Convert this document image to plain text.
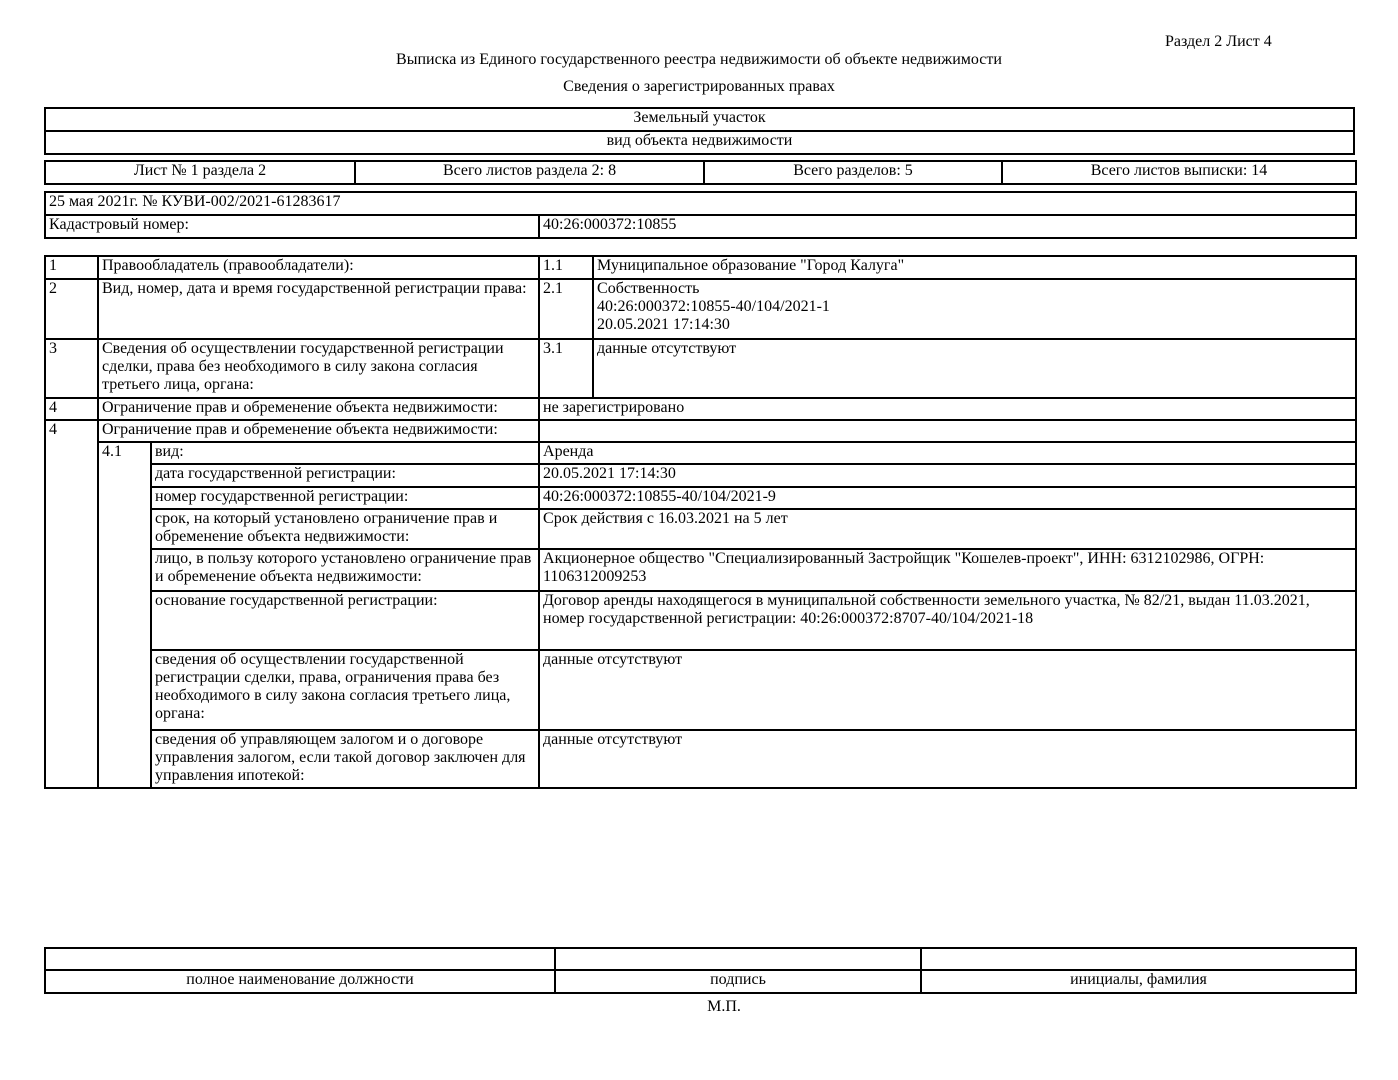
Раздел 2 Лист 4
Выписка из Единого государственного реестра недвижимости об объекте недвижимости
Сведения о зарегистрированных правах
Земельный участок
вид объекта недвижимости
Лист № 1 раздела 2	Всего листов раздела 2: 8	Всего разделов: 5	Всего листов выписки: 14
25 мая 2021г. № КУВИ-002/2021-61283617
Кадастровый номер:	40:26:000372:10855
1	Правообладатель (правообладатели):		1.1	Муниципальное образование "Город Калуга"
2	Вид, номер, дата и время государственной регистрации права:		2.1	Собственность
40:26:000372:10855-40/104/2021-1
20.05.2021 17:14:30

3	Сведения об осуществлении государственной регистрации сделки, права без необходимого в силу закона согласия третьего лица, органа:		3.1	данные отсутствуют
4	Ограничение прав и обременение объекта недвижимости:		не зарегистрировано	
4	Ограничение прав и обременение объекта недвижимости:			
	4.1	вид:	Аренда	
		дата государственной регистрации:	20.05.2021 17:14:30	
		номер государственной регистрации:	40:26:000372:10855-40/104/2021-9	
		срок, на который установлено ограничение прав и обременение объекта недвижимости:	Срок действия с 16.03.2021 на 5 лет	
		лицо, в пользу которого установлено ограничение прав и обременение объекта недвижимости:	Акционерное общество "Специализированный Застройщик "Кошелев-проект", ИНН: 6312102986, ОГРН: 1106312009253	
		основание государственной регистрации:	Договор аренды находящегося в муниципальной собственности земельного участка, № 82/21, выдан 11.03.2021, номер государственной регистрации: 40:26:000372:8707-40/104/2021-18	
		сведения об осуществлении государственной регистрации сделки, права, ограничения права без необходимого в силу закона согласия третьего лица, органа:	данные отсутствуют	
		сведения об управляющем залогом и о договоре управления залогом, если такой договор заключен для управления ипотекой:	данные отсутствуют	

полное наименование должности	подпись	инициалы, фамилия
М.П.
